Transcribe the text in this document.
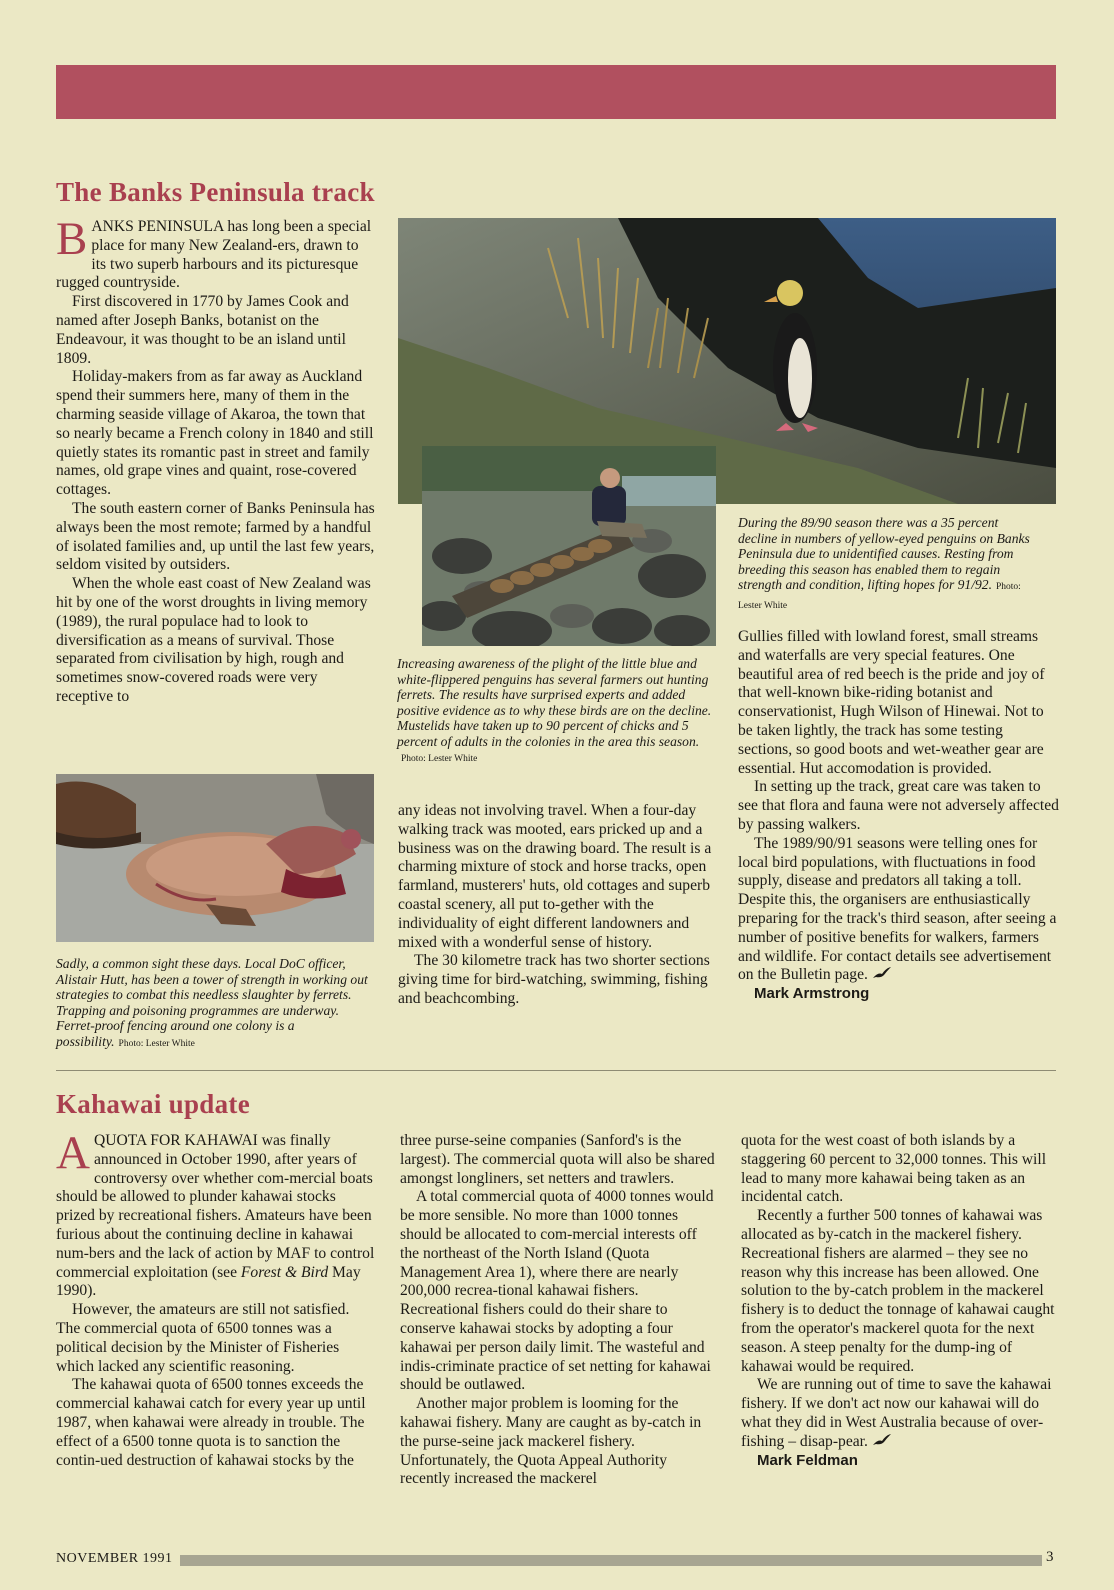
The Banks Peninsula track

BANKS PENINSULA has long been a special place for many New Zealand-ers, drawn to its two superb harbours and its picturesque rugged countryside.

First discovered in 1770 by James Cook and named after Joseph Banks, botanist on the Endeavour, it was thought to be an island until 1809.

Holiday-makers from as far away as Auckland spend their summers here, many of them in the charming seaside village of Akaroa, the town that so nearly became a French colony in 1840 and still quietly states its romantic past in street and family names, old grape vines and quaint, rose-covered cottages.

The south eastern corner of Banks Peninsula has always been the most remote; farmed by a handful of isolated families and, up until the last few years, seldom visited by outsiders.

When the whole east coast of New Zealand was hit by one of the worst droughts in living memory (1989), the rural populace had to look to diversification as a means of survival. Those separated from civilisation by high, rough and sometimes snow-covered roads were very receptive to

Increasing awareness of the plight of the little blue and white-flippered penguins has several farmers out hunting ferrets. The results have surprised experts and added positive evidence as to why these birds are on the decline. Mustelids have taken up to 90 percent of chicks and 5 percent of adults in the colonies in the area this season.
Photo: Lester White
During the 89/90 season there was a 35 percent decline in numbers of yellow-eyed penguins on Banks Peninsula due to unidentified causes. Resting from breeding this season has enabled them to regain strength and condition, lifting hopes for 91/92. Photo: Lester White
Sadly, a common sight these days. Local DoC officer, Alistair Hutt, has been a tower of strength in working out strategies to combat this needless slaughter by ferrets. Trapping and poisoning programmes are underway. Ferret-proof fencing around one colony is a possibility. Photo: Lester White

any ideas not involving travel. When a four-day walking track was mooted, ears pricked up and a business was on the drawing board. The result is a charming mixture of stock and horse tracks, open farmland, musterers' huts, old cottages and superb coastal scenery, all put to-gether with the individuality of eight different landowners and mixed with a wonderful sense of history.

The 30 kilometre track has two shorter sections giving time for bird-watching, swimming, fishing and beachcombing.

Gullies filled with lowland forest, small streams and waterfalls are very special features. One beautiful area of red beech is the pride and joy of that well-known bike-riding botanist and conservationist, Hugh Wilson of Hinewai. Not to be taken lightly, the track has some testing sections, so good boots and wet-weather gear are essential. Hut accomodation is provided.

In setting up the track, great care was taken to see that flora and fauna were not adversely affected by passing walkers.

The 1989/90/91 seasons were telling ones for local bird populations, with fluctuations in food supply, disease and predators all taking a toll. Despite this, the organisers are enthusiastically preparing for the track's third season, after seeing a number of positive benefits for walkers, farmers and wildlife. For contact details see advertisement on the Bulletin page.

Mark Armstrong

Kahawai update

AQUOTA FOR KAHAWAI was finally announced in October 1990, after years of controversy over whether com-mercial boats should be allowed to plunder kahawai stocks prized by recreational fishers. Amateurs have been furious about the continuing decline in kahawai num-bers and the lack of action by MAF to control commercial exploitation (see Forest & Bird May 1990).

However, the amateurs are still not satisfied. The commercial quota of 6500 tonnes was a political decision by the Minister of Fisheries which lacked any scientific reasoning.

The kahawai quota of 6500 tonnes exceeds the commercial kahawai catch for every year up until 1987, when kahawai were already in trouble. The effect of a 6500 tonne quota is to sanction the contin-ued destruction of kahawai stocks by the

three purse-seine companies (Sanford's is the largest). The commercial quota will also be shared amongst longliners, set netters and trawlers.

A total commercial quota of 4000 tonnes would be more sensible. No more than 1000 tonnes should be allocated to com-mercial interests off the northeast of the North Island (Quota Management Area 1), where there are nearly 200,000 recrea-tional kahawai fishers. Recreational fishers could do their share to conserve kahawai stocks by adopting a four kahawai per person daily limit. The wasteful and indis-criminate practice of set netting for kahawai should be outlawed.

Another major problem is looming for the kahawai fishery. Many are caught as by-catch in the purse-seine jack mackerel fishery. Unfortunately, the Quota Appeal Authority recently increased the mackerel

quota for the west coast of both islands by a staggering 60 percent to 32,000 tonnes. This will lead to many more kahawai being taken as an incidental catch.

Recently a further 500 tonnes of kahawai was allocated as by-catch in the mackerel fishery. Recreational fishers are alarmed – they see no reason why this increase has been allowed. One solution to the by-catch problem in the mackerel fishery is to deduct the tonnage of kahawai caught from the operator's mackerel quota for the next season. A steep penalty for the dump-ing of kahawai would be required.

We are running out of time to save the kahawai fishery. If we don't act now our kahawai will do what they did in West Australia because of over-fishing – disap-pear.

Mark Feldman

NOVEMBER 1991	3
